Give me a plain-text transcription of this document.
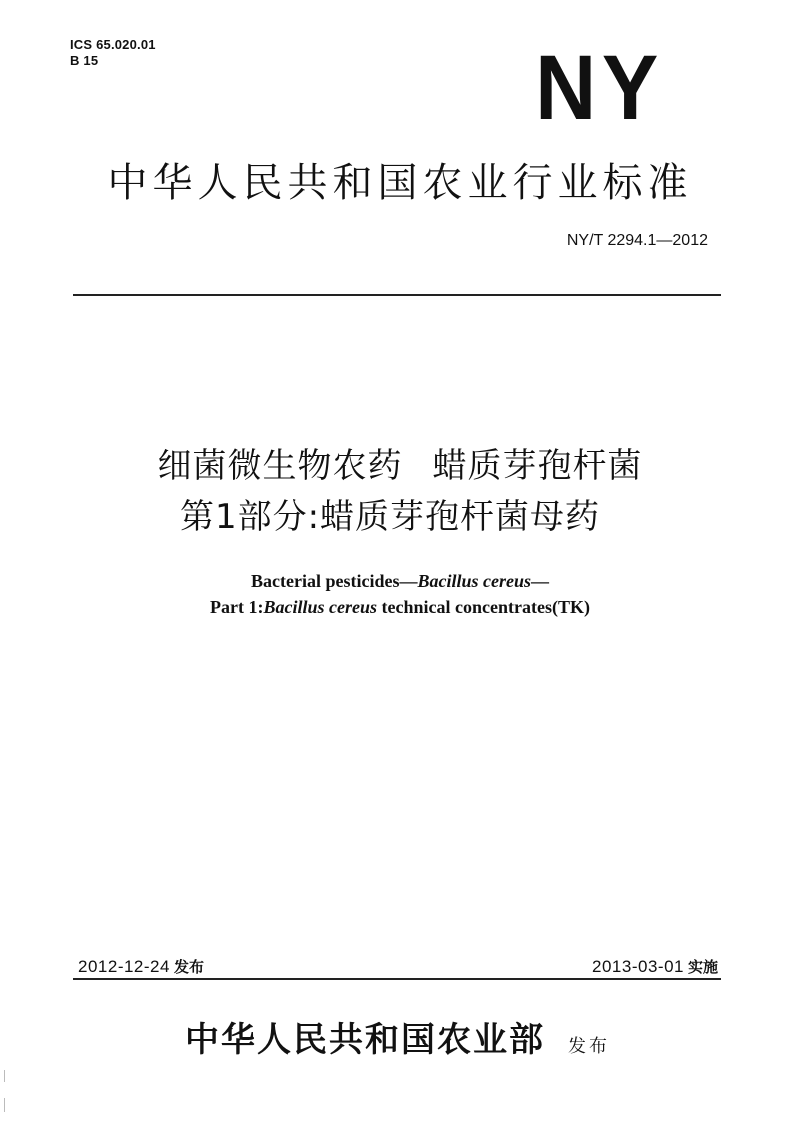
ICS 65.020.01
B 15	NY
中华人民共和国农业行业标准
NY/T 2294.1—2012
细菌微生物农药 蜡质芽孢杆菌
第1部分:蜡质芽孢杆菌母药
Bacterial pesticides—Bacillus cereus—
Part 1:Bacillus cereus technical concentrates(TK)
2012-12-24 发布	2013-03-01 实施
中华人民共和国农业部 发布
